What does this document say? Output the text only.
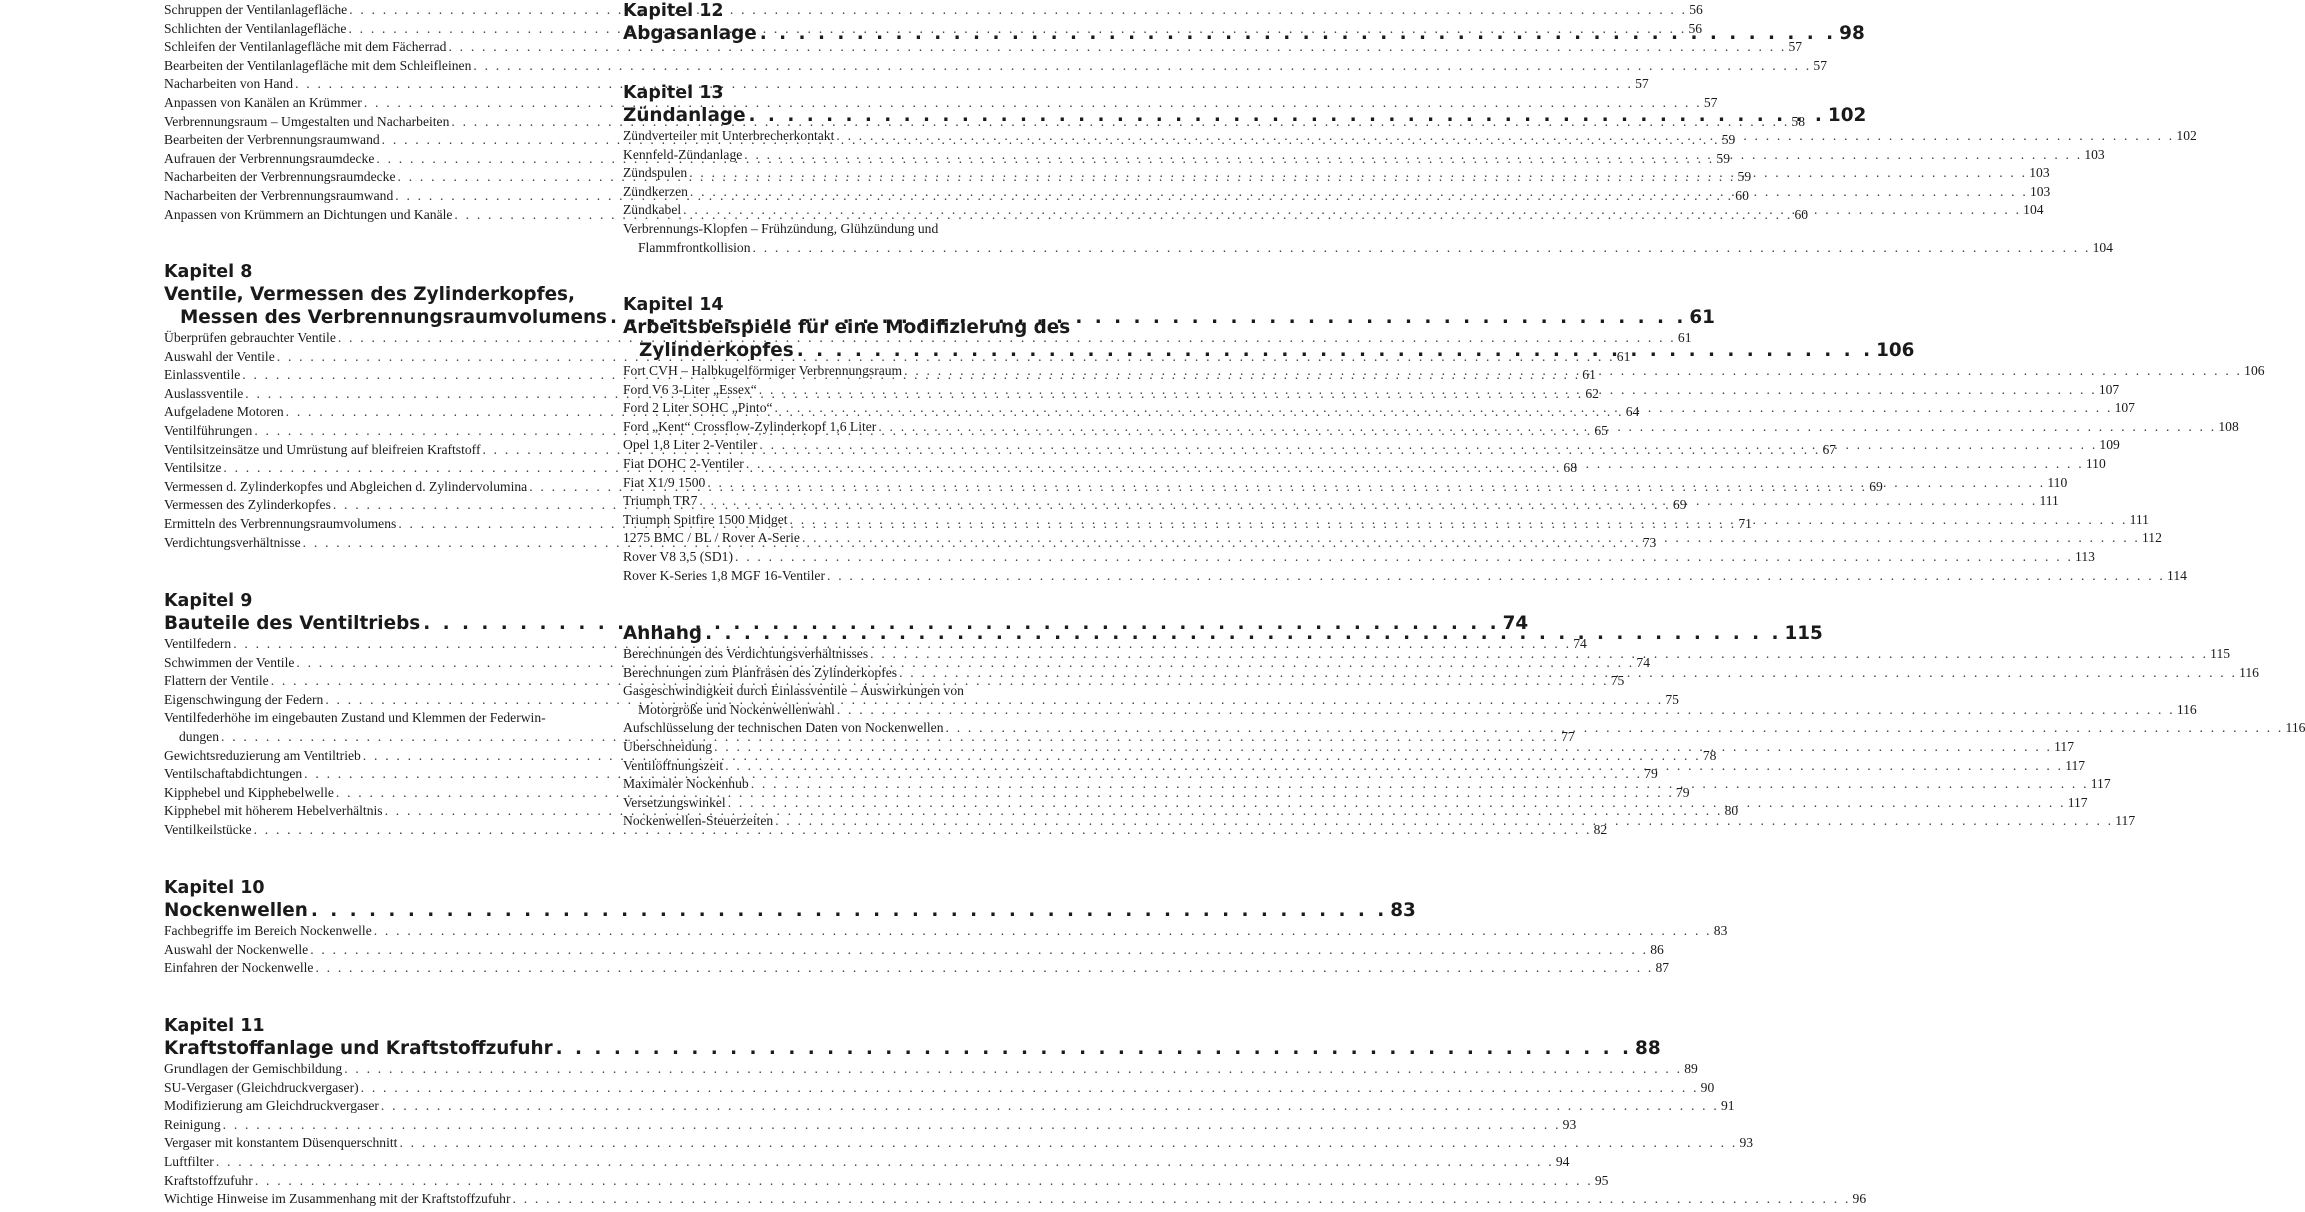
Schruppen der Ventilanlagefläche . . .	56
Schlichten der Ventilanlagefläche . . .	56
Schleifen der Ventilanlagefläche mit dem Fächerrad . . .	57
Bearbeiten der Ventilanlagefläche mit dem Schleifleinen . . .	57
Nacharbeiten von Hand . . .	57
Anpassen von Kanälen an Krümmer . . .	57
Verbrennungsraum – Umgestalten und Nacharbeiten . . .	58
Bearbeiten der Verbrennungsraumwand . . .	59
Aufrauen der Verbrennungsraumdecke . . .	59
Nacharbeiten der Verbrennungsraumdecke . . .	59
Nacharbeiten der Verbrennungsraumwand . . .	60
Anpassen von Krümmern an Dichtungen und Kanäle . . .	60
Kapitel 8
Ventile, Vermessen des Zylinderkopfes,
Messen des Verbrennungsraumvolumens . . .	61
Überprüfen gebrauchter Ventile . . .	61
Auswahl der Ventile . . .	61
Einlassventile . . .	61
Auslassventile . . .	62
Aufgeladene Motoren . . .	64
Ventilführungen . . .	65
Ventilsitzeinsätze und Umrüstung auf bleifreien Kraftstoff . . .	67
Ventilsitze . . .	68
Vermessen d. Zylinderkopfes und Abgleichen d. Zylindervolumina . . .	69
Vermessen des Zylinderkopfes . . .	69
Ermitteln des Verbrennungsraumvolumens . . .	71
Verdichtungsverhältnisse . . .	73
Kapitel 9
Bauteile des Ventiltriebs . . .	74
Ventilfedern . . .	74
Schwimmen der Ventile . . .	74
Flattern der Ventile . . .	75
Eigenschwingung der Federn . . .	75
Ventilfederhöhe im eingebauten Zustand und Klemmen der Federwin-
dungen . . .	77
Gewichtsreduzierung am Ventiltrieb . . .	78
Ventilschaftabdichtungen . . .	79
Kipphebel und Kipphebelwelle . . .	79
Kipphebel mit höherem Hebelverhältnis . . .	80
Ventilkeilstücke . . .	82
Kapitel 10
Nockenwellen . . .	83
Fachbegriffe im Bereich Nockenwelle . . .	83
Auswahl der Nockenwelle . . .	86
Einfahren der Nockenwelle . . .	87
Kapitel 11
Kraftstoffanlage und Kraftstoffzufuhr . . .	88
Grundlagen der Gemischbildung . . .	89
SU-Vergaser (Gleichdruckvergaser) . . .	90
Modifizierung am Gleichdruckvergaser . . .	91
Reinigung . . .	93
Vergaser mit konstantem Düsenquerschnitt . . .	93
Luftfilter . . .	94
Kraftstoffzufuhr . . .	95
Wichtige Hinweise im Zusammenhang mit der Kraftstoffzufuhr . . .	96
Kapitel 12
Abgasanlage . . .	98
Kapitel 13
Zündanlage . . .	102
Zündverteiler mit Unterbrecherkontakt . . .	102
Kennfeld-Zündanlage . . .	103
Zündspulen . . .	103
Zündkerzen . . .	103
Zündkabel . . .	104
Verbrennungs-Klopfen – Frühzündung, Glühzündung und
Flammfrontkollision . . .	104
Kapitel 14
Arbeitsbeispiele für eine Modifizierung des
Zylinderkopfes . . .	106
Fort CVH – Halbkugelförmiger Verbrennungsraum . . .	106
Ford V6 3-Liter „Essex“ . . .	107
Ford 2 Liter SOHC „Pinto“ . . .	107
Ford „Kent“ Crossflow-Zylinderkopf 1,6 Liter . . .	108
Opel 1,8 Liter 2-Ventiler . . .	109
Fiat DOHC 2-Ventiler . . .	110
Fiat X1/9 1500 . . .	110
Triumph TR7 . . .	111
Triumph Spitfire 1500 Midget . . .	111
1275 BMC / BL / Rover A-Serie . . .	112
Rover V8 3,5 (SD1) . . .	113
Rover K-Series 1,8 MGF 16-Ventiler . . .	114
Anhang . . .	115
Berechnungen des Verdichtungsverhältnisses . . .	115
Berechnungen zum Planfräsen des Zylinderkopfes . . .	116
Gasgeschwindigkeit durch Einlassventile – Auswirkungen von
Motorgröße und Nockenwellenwahl . . .	116
Aufschlüsselung der technischen Daten von Nockenwellen . . .	116
Überschneidung . . .	117
Ventilöffnungszeit . . .	117
Maximaler Nockenhub . . .	117
Versetzungswinkel . . .	117
Nockenwellen-Steuerzeiten . . .	117
